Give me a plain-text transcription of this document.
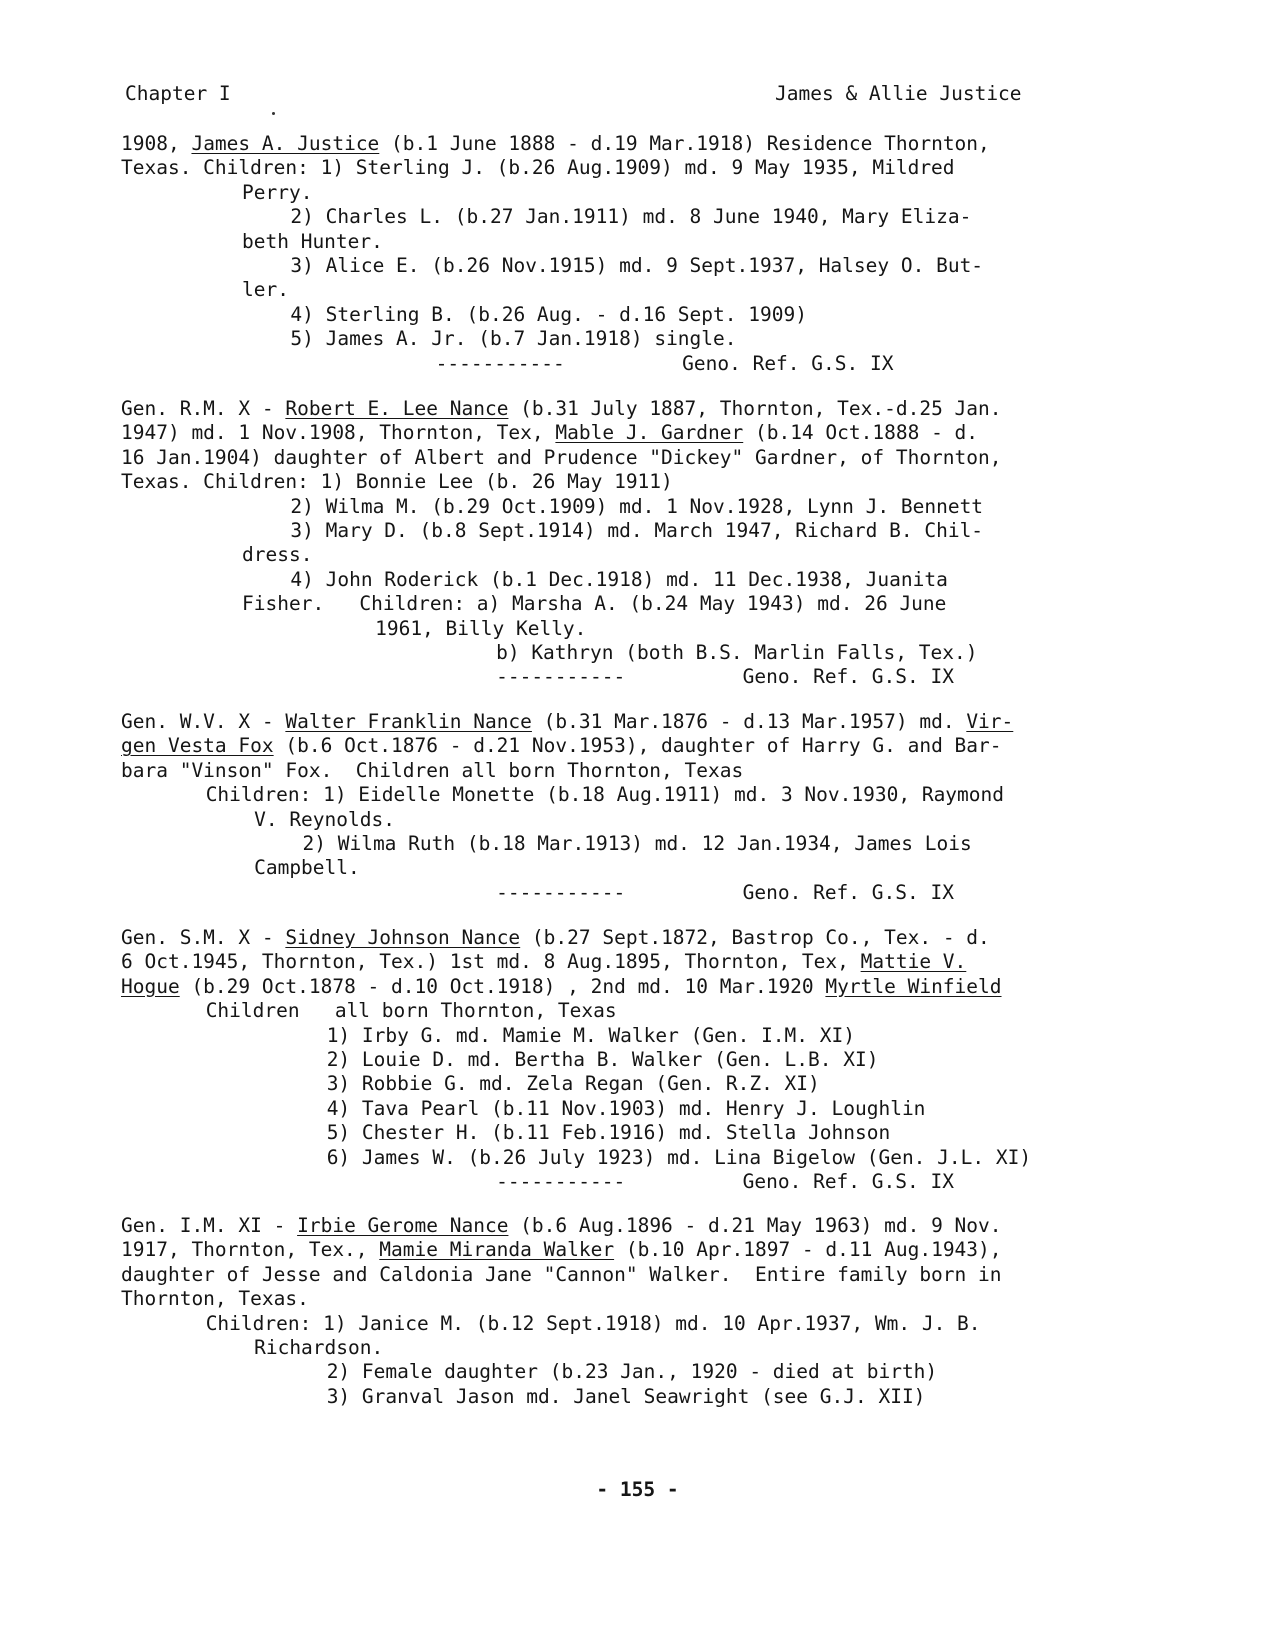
Chapter I	James & Allie Justice
1908, James A. Justice (b.1 June 1888 - d.19 Mar.1918) Residence Thornton,
Texas. Children: 1) Sterling J. (b.26 Aug.1909) md. 9 May 1935, Mildred
Perry.
2) Charles L. (b.27 Jan.1911) md. 8 June 1940, Mary Eliza-
beth Hunter.
3) Alice E. (b.26 Nov.1915) md. 9 Sept.1937, Halsey O. But-
ler.
4) Sterling B. (b.26 Aug. - d.16 Sept. 1909)
5) James A. Jr. (b.7 Jan.1918) single.
-----------	Geno. Ref. G.S. IX
Gen. R.M. X - Robert E. Lee Nance (b.31 July 1887, Thornton, Tex.-d.25 Jan.
1947) md. 1 Nov.1908, Thornton, Tex, Mable J. Gardner (b.14 Oct.1888 - d.
16 Jan.1904) daughter of Albert and Prudence "Dickey" Gardner, of Thornton,
Texas. Children: 1) Bonnie Lee (b. 26 May 1911)
2) Wilma M. (b.29 Oct.1909) md. 1 Nov.1928, Lynn J. Bennett
3) Mary D. (b.8 Sept.1914) md. March 1947, Richard B. Chil-
dress.
4) John Roderick (b.1 Dec.1918) md. 11 Dec.1938, Juanita
Fisher.   Children: a) Marsha A. (b.24 May 1943) md. 26 June
1961, Billy Kelly.
b) Kathryn (both B.S. Marlin Falls, Tex.)
-----------	Geno. Ref. G.S. IX
Gen. W.V. X - Walter Franklin Nance (b.31 Mar.1876 - d.13 Mar.1957) md. Vir-
gen Vesta Fox (b.6 Oct.1876 - d.21 Nov.1953), daughter of Harry G. and Bar-
bara "Vinson" Fox.  Children all born Thornton, Texas
Children: 1) Eidelle Monette (b.18 Aug.1911) md. 3 Nov.1930, Raymond
V. Reynolds.
2) Wilma Ruth (b.18 Mar.1913) md. 12 Jan.1934, James Lois
Campbell.
-----------	Geno. Ref. G.S. IX
Gen. S.M. X - Sidney Johnson Nance (b.27 Sept.1872, Bastrop Co., Tex. - d.
6 Oct.1945, Thornton, Tex.) 1st md. 8 Aug.1895, Thornton, Tex, Mattie V.
Hogue (b.29 Oct.1878 - d.10 Oct.1918) , 2nd md. 10 Mar.1920 Myrtle Winfield
Children   all born Thornton, Texas
1) Irby G. md. Mamie M. Walker (Gen. I.M. XI)
2) Louie D. md. Bertha B. Walker (Gen. L.B. XI)
3) Robbie G. md. Zela Regan (Gen. R.Z. XI)
4) Tava Pearl (b.11 Nov.1903) md. Henry J. Loughlin
5) Chester H. (b.11 Feb.1916) md. Stella Johnson
6) James W. (b.26 July 1923) md. Lina Bigelow (Gen. J.L. XI)
-----------	Geno. Ref. G.S. IX
Gen. I.M. XI - Irbie Gerome Nance (b.6 Aug.1896 - d.21 May 1963) md. 9 Nov.
1917, Thornton, Tex., Mamie Miranda Walker (b.10 Apr.1897 - d.11 Aug.1943),
daughter of Jesse and Caldonia Jane "Cannon" Walker.  Entire family born in
Thornton, Texas.
Children: 1) Janice M. (b.12 Sept.1918) md. 10 Apr.1937, Wm. J. B.
Richardson.
2) Female daughter (b.23 Jan., 1920 - died at birth)
3) Granval Jason md. Janel Seawright (see G.J. XII)
- 155 -
